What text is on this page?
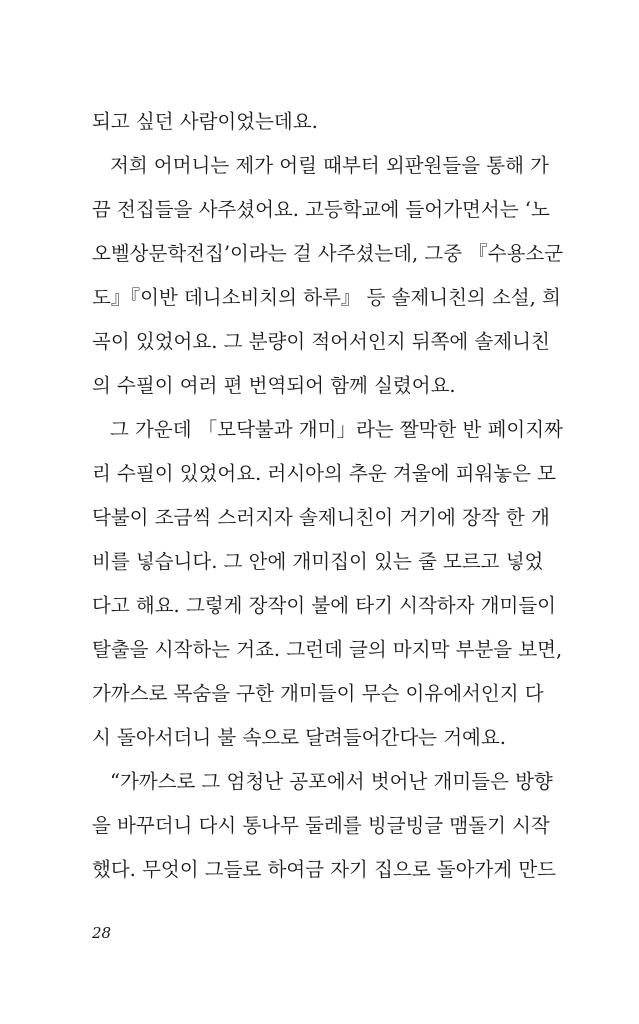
되고 싶던 사람이었는데요.
저희 어머니는 제가 어릴 때부터 외판원들을 통해 가
끔 전집들을 사주셨어요. 고등학교에 들어가면서는 ‘노
오벨상문학전집’이라는 걸 사주셨는데, 그중 『수용소군
도』『이반 데니소비치의 하루』 등 솔제니친의 소설, 희
곡이 있었어요. 그 분량이 적어서인지 뒤쪽에 솔제니친
의 수필이 여러 편 번역되어 함께 실렸어요.
그 가운데 「모닥불과 개미」라는 짤막한 반 페이지짜
리 수필이 있었어요. 러시아의 추운 겨울에 피워놓은 모
닥불이 조금씩 스러지자 솔제니친이 거기에 장작 한 개
비를 넣습니다. 그 안에 개미집이 있는 줄 모르고 넣었
다고 해요. 그렇게 장작이 불에 타기 시작하자 개미들이
탈출을 시작하는 거죠. 그런데 글의 마지막 부분을 보면,
가까스로 목숨을 구한 개미들이 무슨 이유에서인지 다
시 돌아서더니 불 속으로 달려들어간다는 거예요.
“가까스로 그 엄청난 공포에서 벗어난 개미들은 방향
을 바꾸더니 다시 통나무 둘레를 빙글빙글 맴돌기 시작
했다. 무엇이 그들로 하여금 자기 집으로 돌아가게 만드
28
